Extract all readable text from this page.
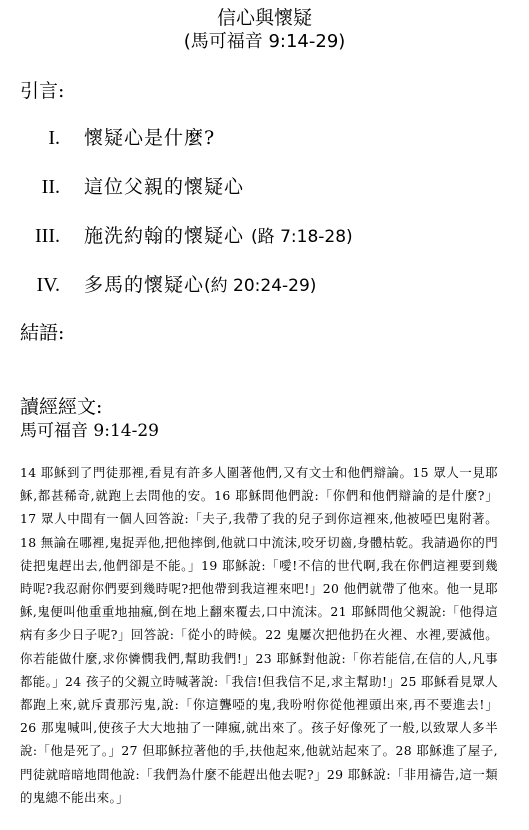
信心與懷疑
(馬可福音 9:14-29)
引言:
I. 懷疑心是什麼?
II. 這位父親的懷疑心
III. 施洗約翰的懷疑心 (路 7:18-28)
IV. 多馬的懷疑心(約 20:24-29)
結語:
讀經經文:
馬可福音 9:14-29
14 耶穌到了門徒那裡,看見有許多人圍著他們,又有文士和他們辯論。15 眾人一見耶穌,都甚稀奇,就跑上去問他的安。16 耶穌問他們說:「你們和他們辯論的是什麼?」17 眾人中間有一個人回答說:「夫子,我帶了我的兒子到你這裡來,他被啞巴鬼附著。18 無論在哪裡,鬼捉弄他,把他摔倒,他就口中流沫,咬牙切齒,身體枯乾。我請過你的門徒把鬼趕出去,他們卻是不能。」19 耶穌說:「噯!不信的世代啊,我在你們這裡要到幾時呢?我忍耐你們要到幾時呢?把他帶到我這裡來吧!」20 他們就帶了他來。他一見耶穌,鬼便叫他重重地抽瘋,倒在地上翻來覆去,口中流沫。21 耶穌問他父親說:「他得這病有多少日子呢?」回答說:「從小的時候。22 鬼屢次把他扔在火裡、水裡,要滅他。你若能做什麼,求你憐憫我們,幫助我們!」23 耶穌對他說:「你若能信,在信的人,凡事都能。」24 孩子的父親立時喊著說:「我信!但我信不足,求主幫助!」25 耶穌看見眾人都跑上來,就斥責那污鬼,說:「你這聾啞的鬼,我吩咐你從他裡頭出來,再不要進去!」26 那鬼喊叫,使孩子大大地抽了一陣瘋,就出來了。孩子好像死了一般,以致眾人多半說:「他是死了。」27 但耶穌拉著他的手,扶他起來,他就站起來了。28 耶穌進了屋子,門徒就暗暗地問他說:「我們為什麼不能趕出他去呢?」29 耶穌說:「非用禱告,這一類的鬼總不能出來。」
